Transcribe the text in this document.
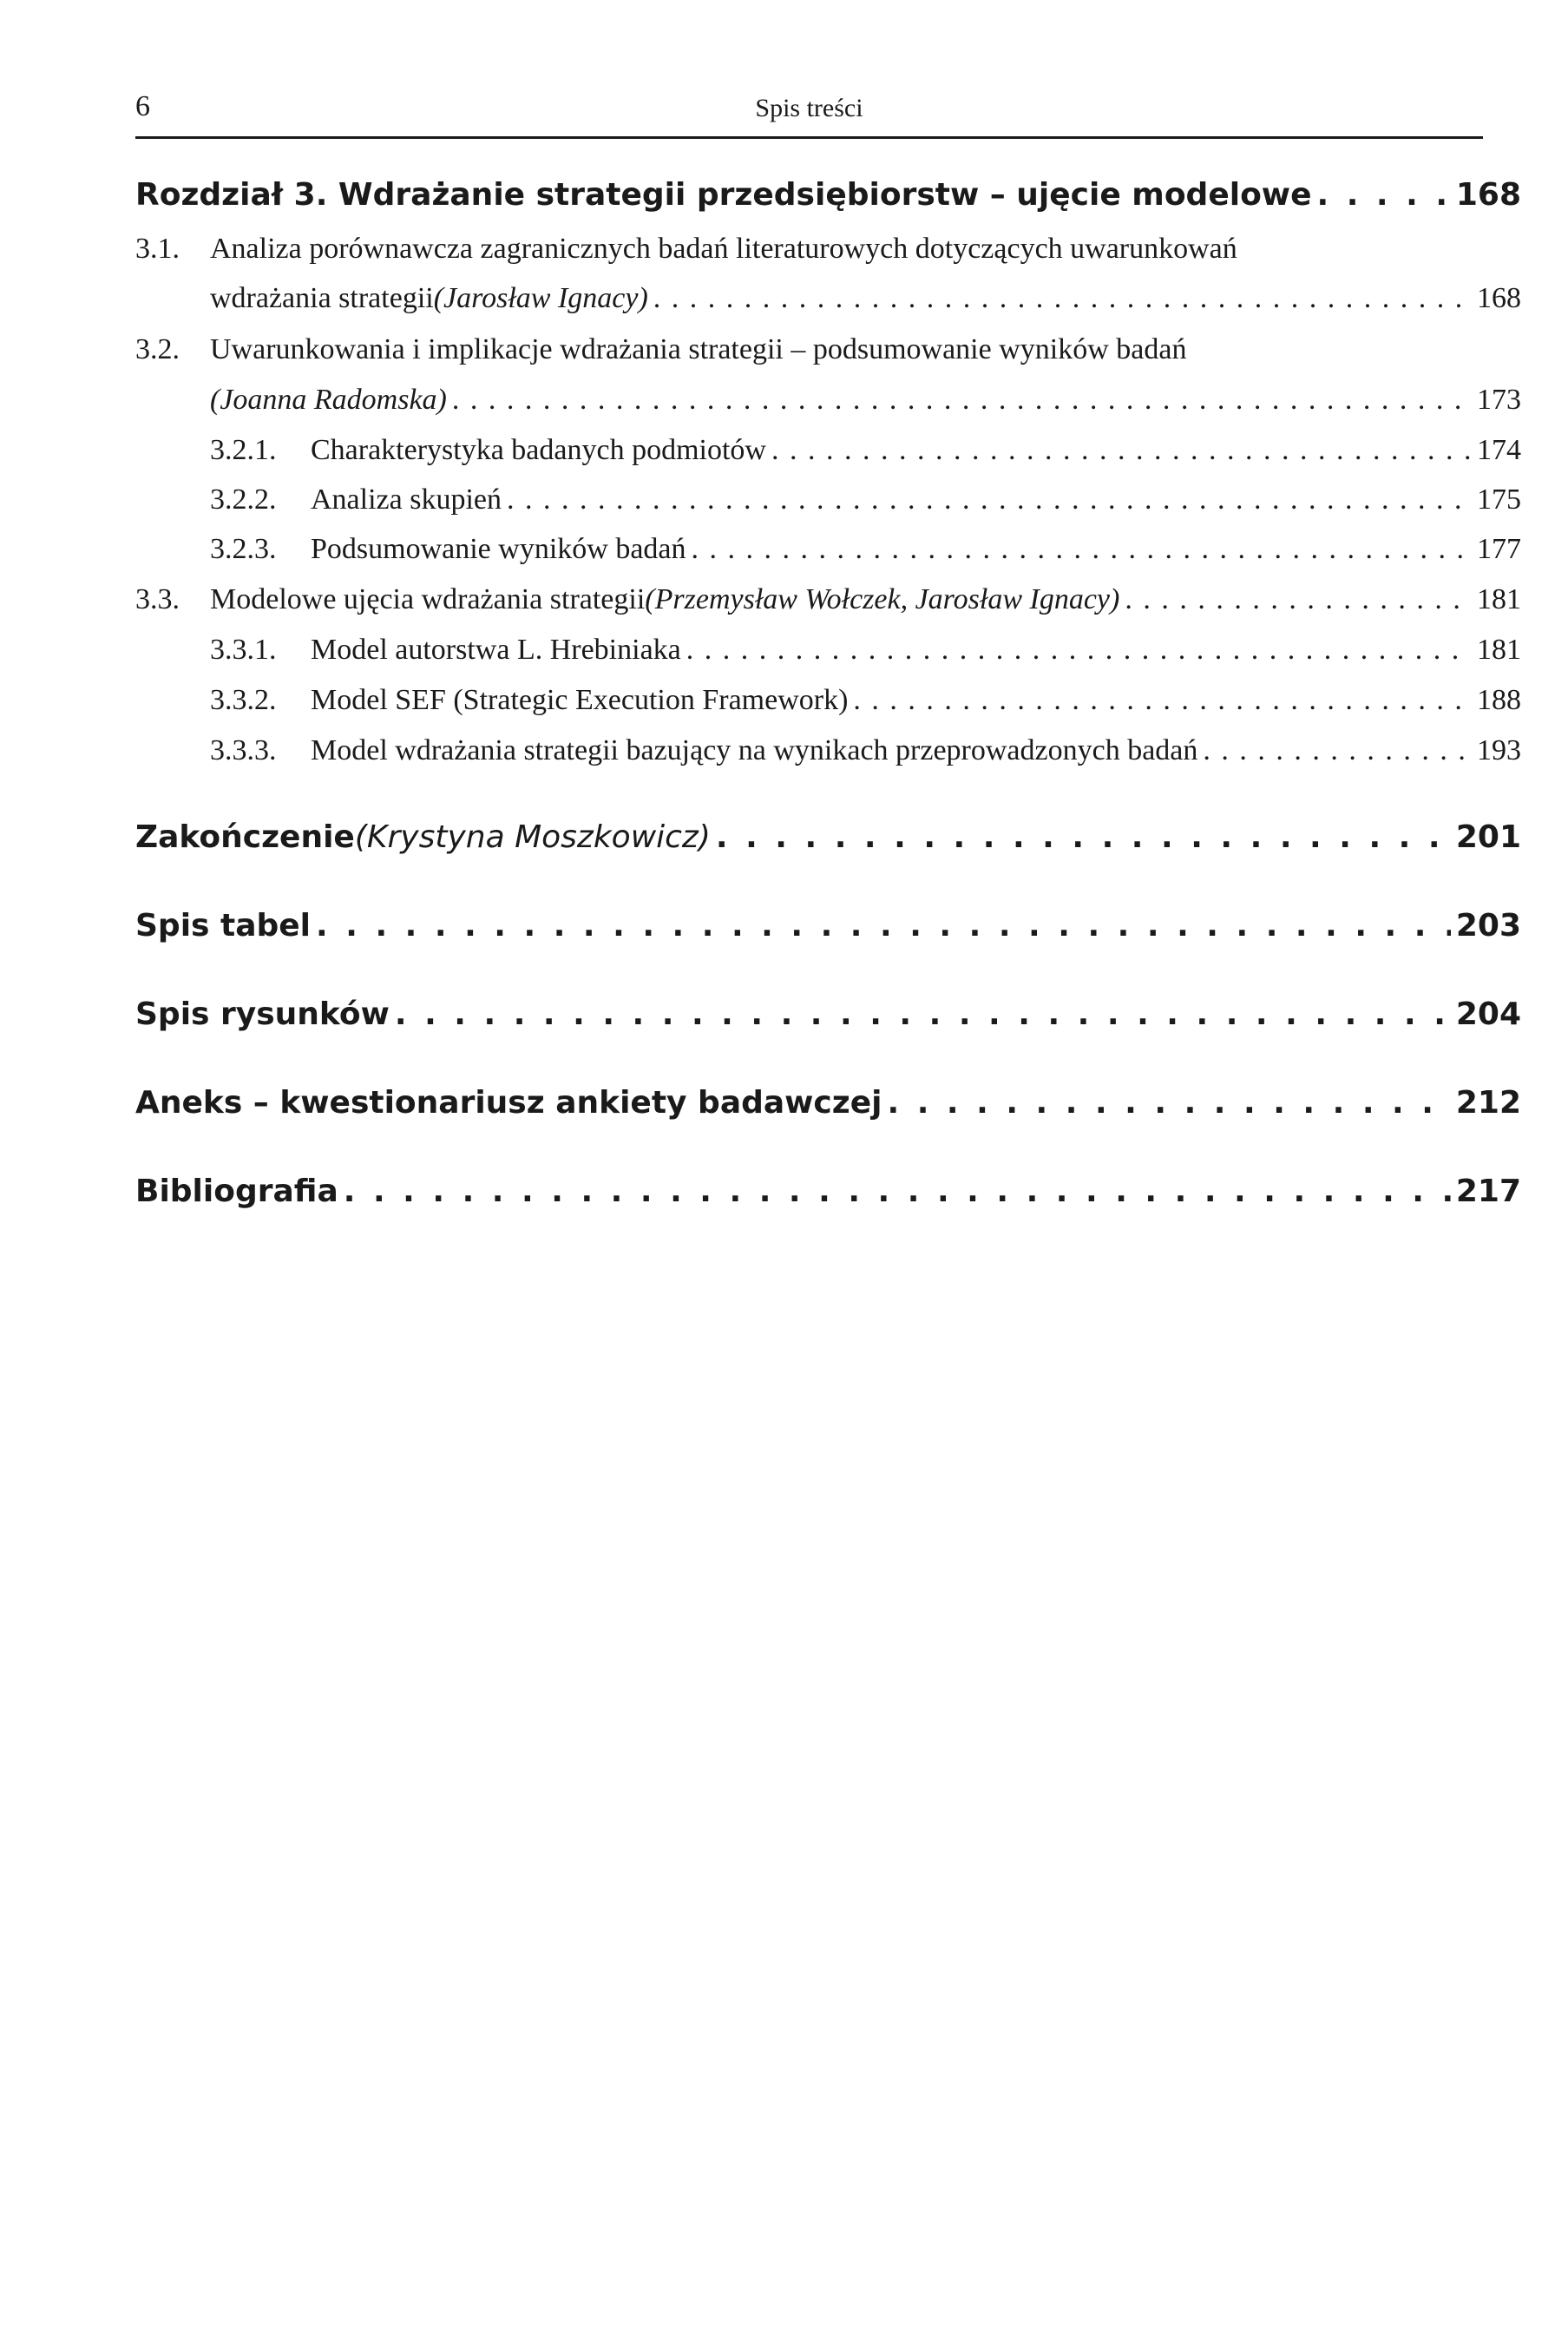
6	Spis treści
Rozdział 3. Wdrażanie strategii przedsiębiorstw – ujęcie modelowe . . .	168
3.1.	Analiza porównawcza zagranicznych badań literaturowych dotyczących uwarunkowań
wdrażania strategii (Jarosław Ignacy) . . .	168
3.2.	Uwarunkowania i implikacje wdrażania strategii – podsumowanie wyników badań
(Joanna Radomska) . . .	173
3.2.1.	Charakterystyka badanych podmiotów . . .	174
3.2.2.	Analiza skupień . . .	175
3.2.3.	Podsumowanie wyników badań . . .	177
3.3.	Modelowe ujęcia wdrażania strategii (Przemysław Wołczek, Jarosław Ignacy) . . .	181
3.3.1.	Model autorstwa L. Hrebiniaka . . .	181
3.3.2.	Model SEF (Strategic Execution Framework) . . .	188
3.3.3.	Model wdrażania strategii bazujący na wynikach przeprowadzonych badań . . .	193
Zakończenie (Krystyna Moszkowicz) . . .	201
Spis tabel . . .	203
Spis rysunków . . .	204
Aneks – kwestionariusz ankiety badawczej . . .	212
Bibliografia . . .	217
